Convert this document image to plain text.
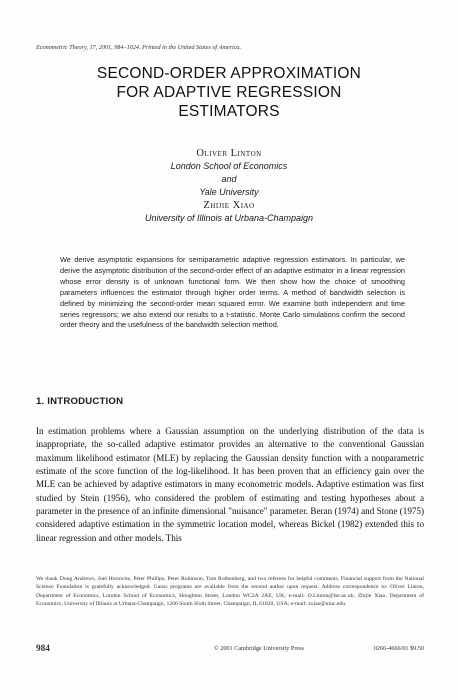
Econometric Theory, 17, 2001, 984–1024. Printed in the United States of America.
SECOND-ORDER APPROXIMATION
FOR ADAPTIVE REGRESSION
ESTIMATORS
Oliver Linton
London School of Economics
and
Yale University
Zhijie Xiao
University of Illinois at Urbana-Champaign
We derive asymptotic expansions for semiparametric adaptive regression estimators. In particular, we derive the asymptotic distribution of the second-order effect of an adaptive estimator in a linear regression whose error density is of unknown functional form. We then show how the choice of smoothing parameters influences the estimator through higher order terms. A method of bandwidth selection is defined by minimizing the second-order mean squared error. We examine both independent and time series regressors; we also extend our results to a t-statistic. Monte Carlo simulations confirm the second order theory and the usefulness of the bandwidth selection method.
1. INTRODUCTION
In estimation problems where a Gaussian assumption on the underlying distribution of the data is inappropriate, the so-called adaptive estimator provides an alternative to the conventional Gaussian maximum likelihood estimator (MLE) by replacing the Gaussian density function with a nonparametric estimate of the score function of the log-likelihood. It has been proven that an efficiency gain over the MLE can be achieved by adaptive estimators in many econometric models. Adaptive estimation was first studied by Stein (1956), who considered the problem of estimating and testing hypotheses about a parameter in the presence of an infinite dimensional "nuisance" parameter. Beran (1974) and Stone (1975) considered adaptive estimation in the symmetric location model, whereas Bickel (1982) extended this to linear regression and other models. This
We thank Doug Andrews, Joel Horowitz, Peter Phillips, Peter Robinson, Tom Rothenberg, and two referees for helpful comments. Financial support from the National Science Foundation is gratefully acknowledged. Gauss programs are available from the second author upon request. Address correspondence to: Oliver Linton, Department of Economics, London School of Economics, Houghton Street, London WC2A 2AE, UK; e-mail: O.Linton@lse.ac.uk; Zhijie Xiao, Department of Economics, University of Illinois at Urbana-Champaign, 1206 South Sixth Street, Champaign, IL 61820, USA; e-mail: zxiao@uiuc.edu.
984	© 2001 Cambridge University Press	0266-4666/01 $9.50
